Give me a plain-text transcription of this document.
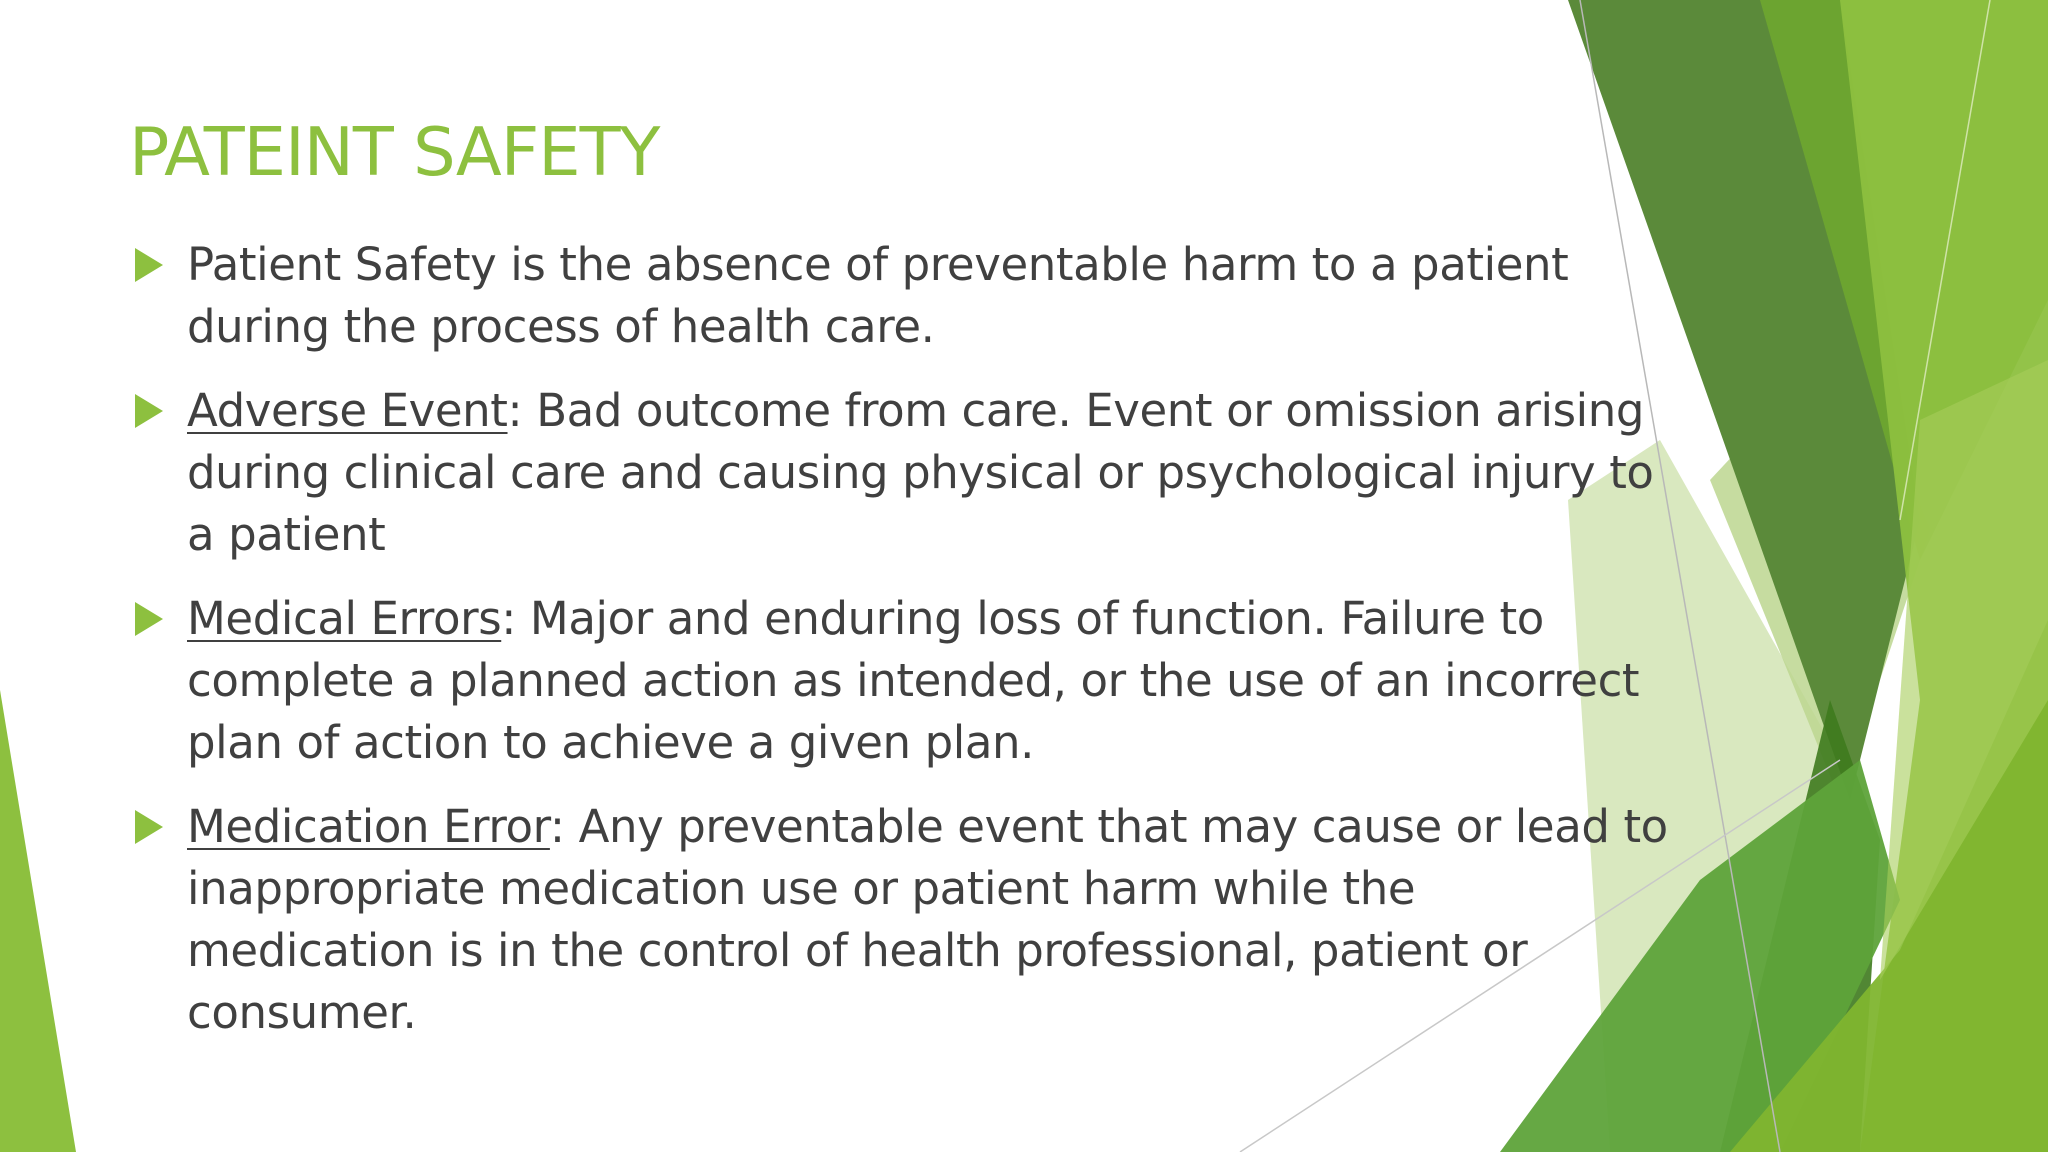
PATEINT SAFETY
Patient Safety is the absence of preventable harm to a patient during the process of health care.
Adverse Event: Bad outcome from care. Event or omission arising during clinical care and causing physical or psychological injury to a patient
Medical Errors: Major and enduring loss of function. Failure to complete a planned action as intended, or the use of an incorrect plan of action to achieve a given plan.
Medication Error: Any preventable event that may cause or lead to inappropriate medication use or patient harm while the medication is in the control of health professional, patient or consumer.
